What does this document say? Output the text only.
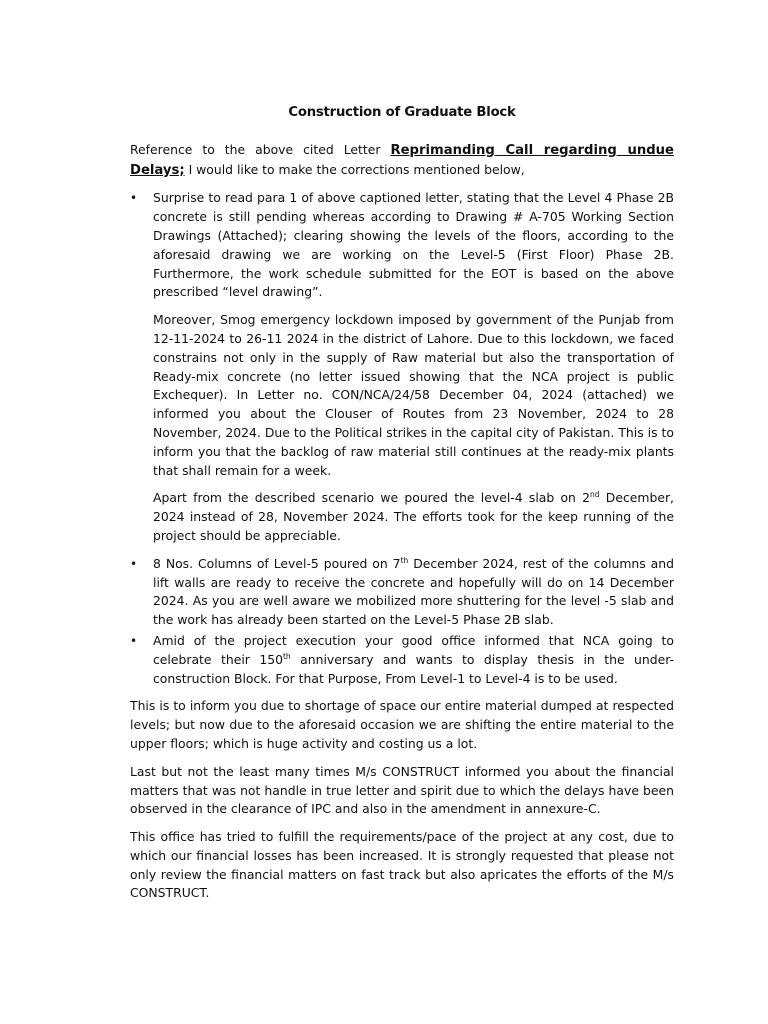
Construction of Graduate Block

Reference to the above cited Letter Reprimanding Call regarding undue Delays; I would like to make the corrections mentioned below,

• Surprise to read para 1 of above captioned letter, stating that the Level 4 Phase 2B concrete is still pending whereas according to Drawing # A-705 Working Section Drawings (Attached); clearing showing the levels of the floors, according to the aforesaid drawing we are working on the Level-5 (First Floor) Phase 2B. Furthermore, the work schedule submitted for the EOT is based on the above prescribed “level drawing”.

Moreover, Smog emergency lockdown imposed by government of the Punjab from 12-11-2024 to 26-11 2024 in the district of Lahore. Due to this lockdown, we faced constrains not only in the supply of Raw material but also the transportation of Ready-mix concrete (no letter issued showing that the NCA project is public Exchequer). In Letter no. CON/NCA/24/58 December 04, 2024 (attached) we informed you about the Clouser of Routes from 23 November, 2024 to 28 November, 2024. Due to the Political strikes in the capital city of Pakistan. This is to inform you that the backlog of raw material still continues at the ready-mix plants that shall remain for a week.

Apart from the described scenario we poured the level-4 slab on 2nd December, 2024 instead of 28, November 2024. The efforts took for the keep running of the project should be appreciable.

• 8 Nos. Columns of Level-5 poured on 7th December 2024, rest of the columns and lift walls are ready to receive the concrete and hopefully will do on 14 December 2024. As you are well aware we mobilized more shuttering for the level -5 slab and the work has already been started on the Level-5 Phase 2B slab.

• Amid of the project execution your good office informed that NCA going to celebrate their 150th anniversary and wants to display thesis in the under-construction Block. For that Purpose, From Level-1 to Level-4 is to be used.

This is to inform you due to shortage of space our entire material dumped at respected levels; but now due to the aforesaid occasion we are shifting the entire material to the upper floors; which is huge activity and costing us a lot.

Last but not the least many times M/s CONSTRUCT informed you about the financial matters that was not handle in true letter and spirit due to which the delays have been observed in the clearance of IPC and also in the amendment in annexure-C.

This office has tried to fulfill the requirements/pace of the project at any cost, due to which our financial losses has been increased. It is strongly requested that please not only review the financial matters on fast track but also apricates the efforts of the M/s CONSTRUCT.
